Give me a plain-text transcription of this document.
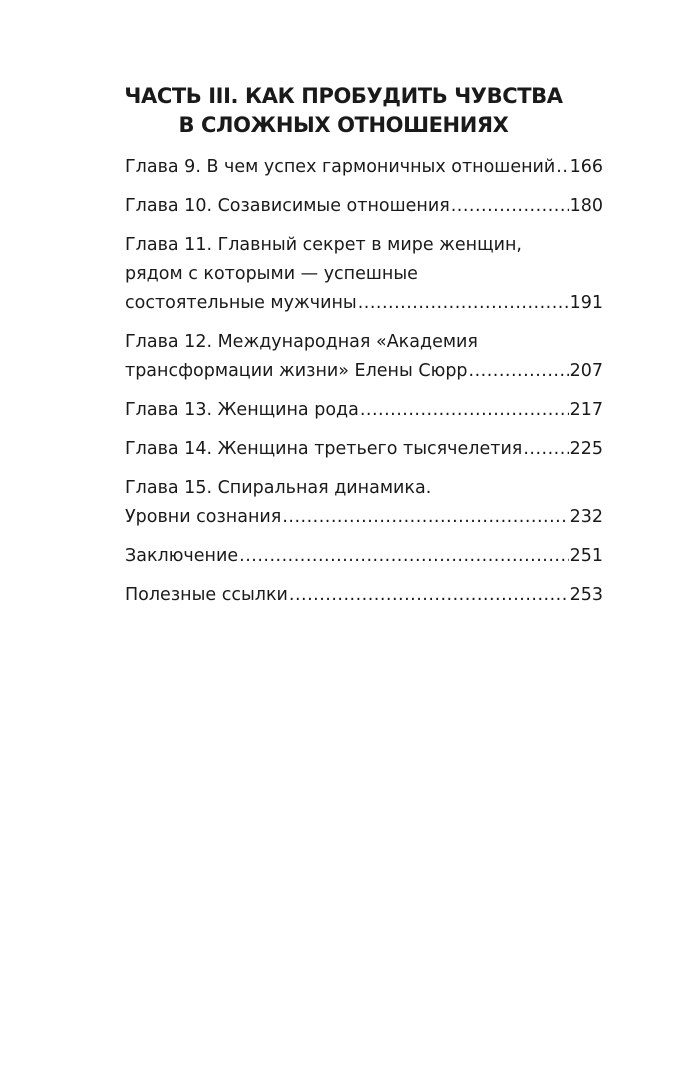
ЧАСТЬ III. КАК ПРОБУДИТЬ ЧУВСТВА
В СЛОЖНЫХ ОТНОШЕНИЯХ
Глава 9. В чем успех гармоничных отношений ..... 166
Глава 10. Созависимые отношения .....	180
Глава 11. Главный секрет в мире женщин,
рядом с которыми — успешные
состоятельные мужчины .....	191
Глава 12. Международная «Академия
трансформации жизни» Елены Сюрр .....	207
Глава 13. Женщина рода .....	217
Глава 14. Женщина третьего тысячелетия .....	225
Глава 15. Спиральная динамика.
Уровни сознания .....	232
Заключение .....	251
Полезные ссылки .....	253
